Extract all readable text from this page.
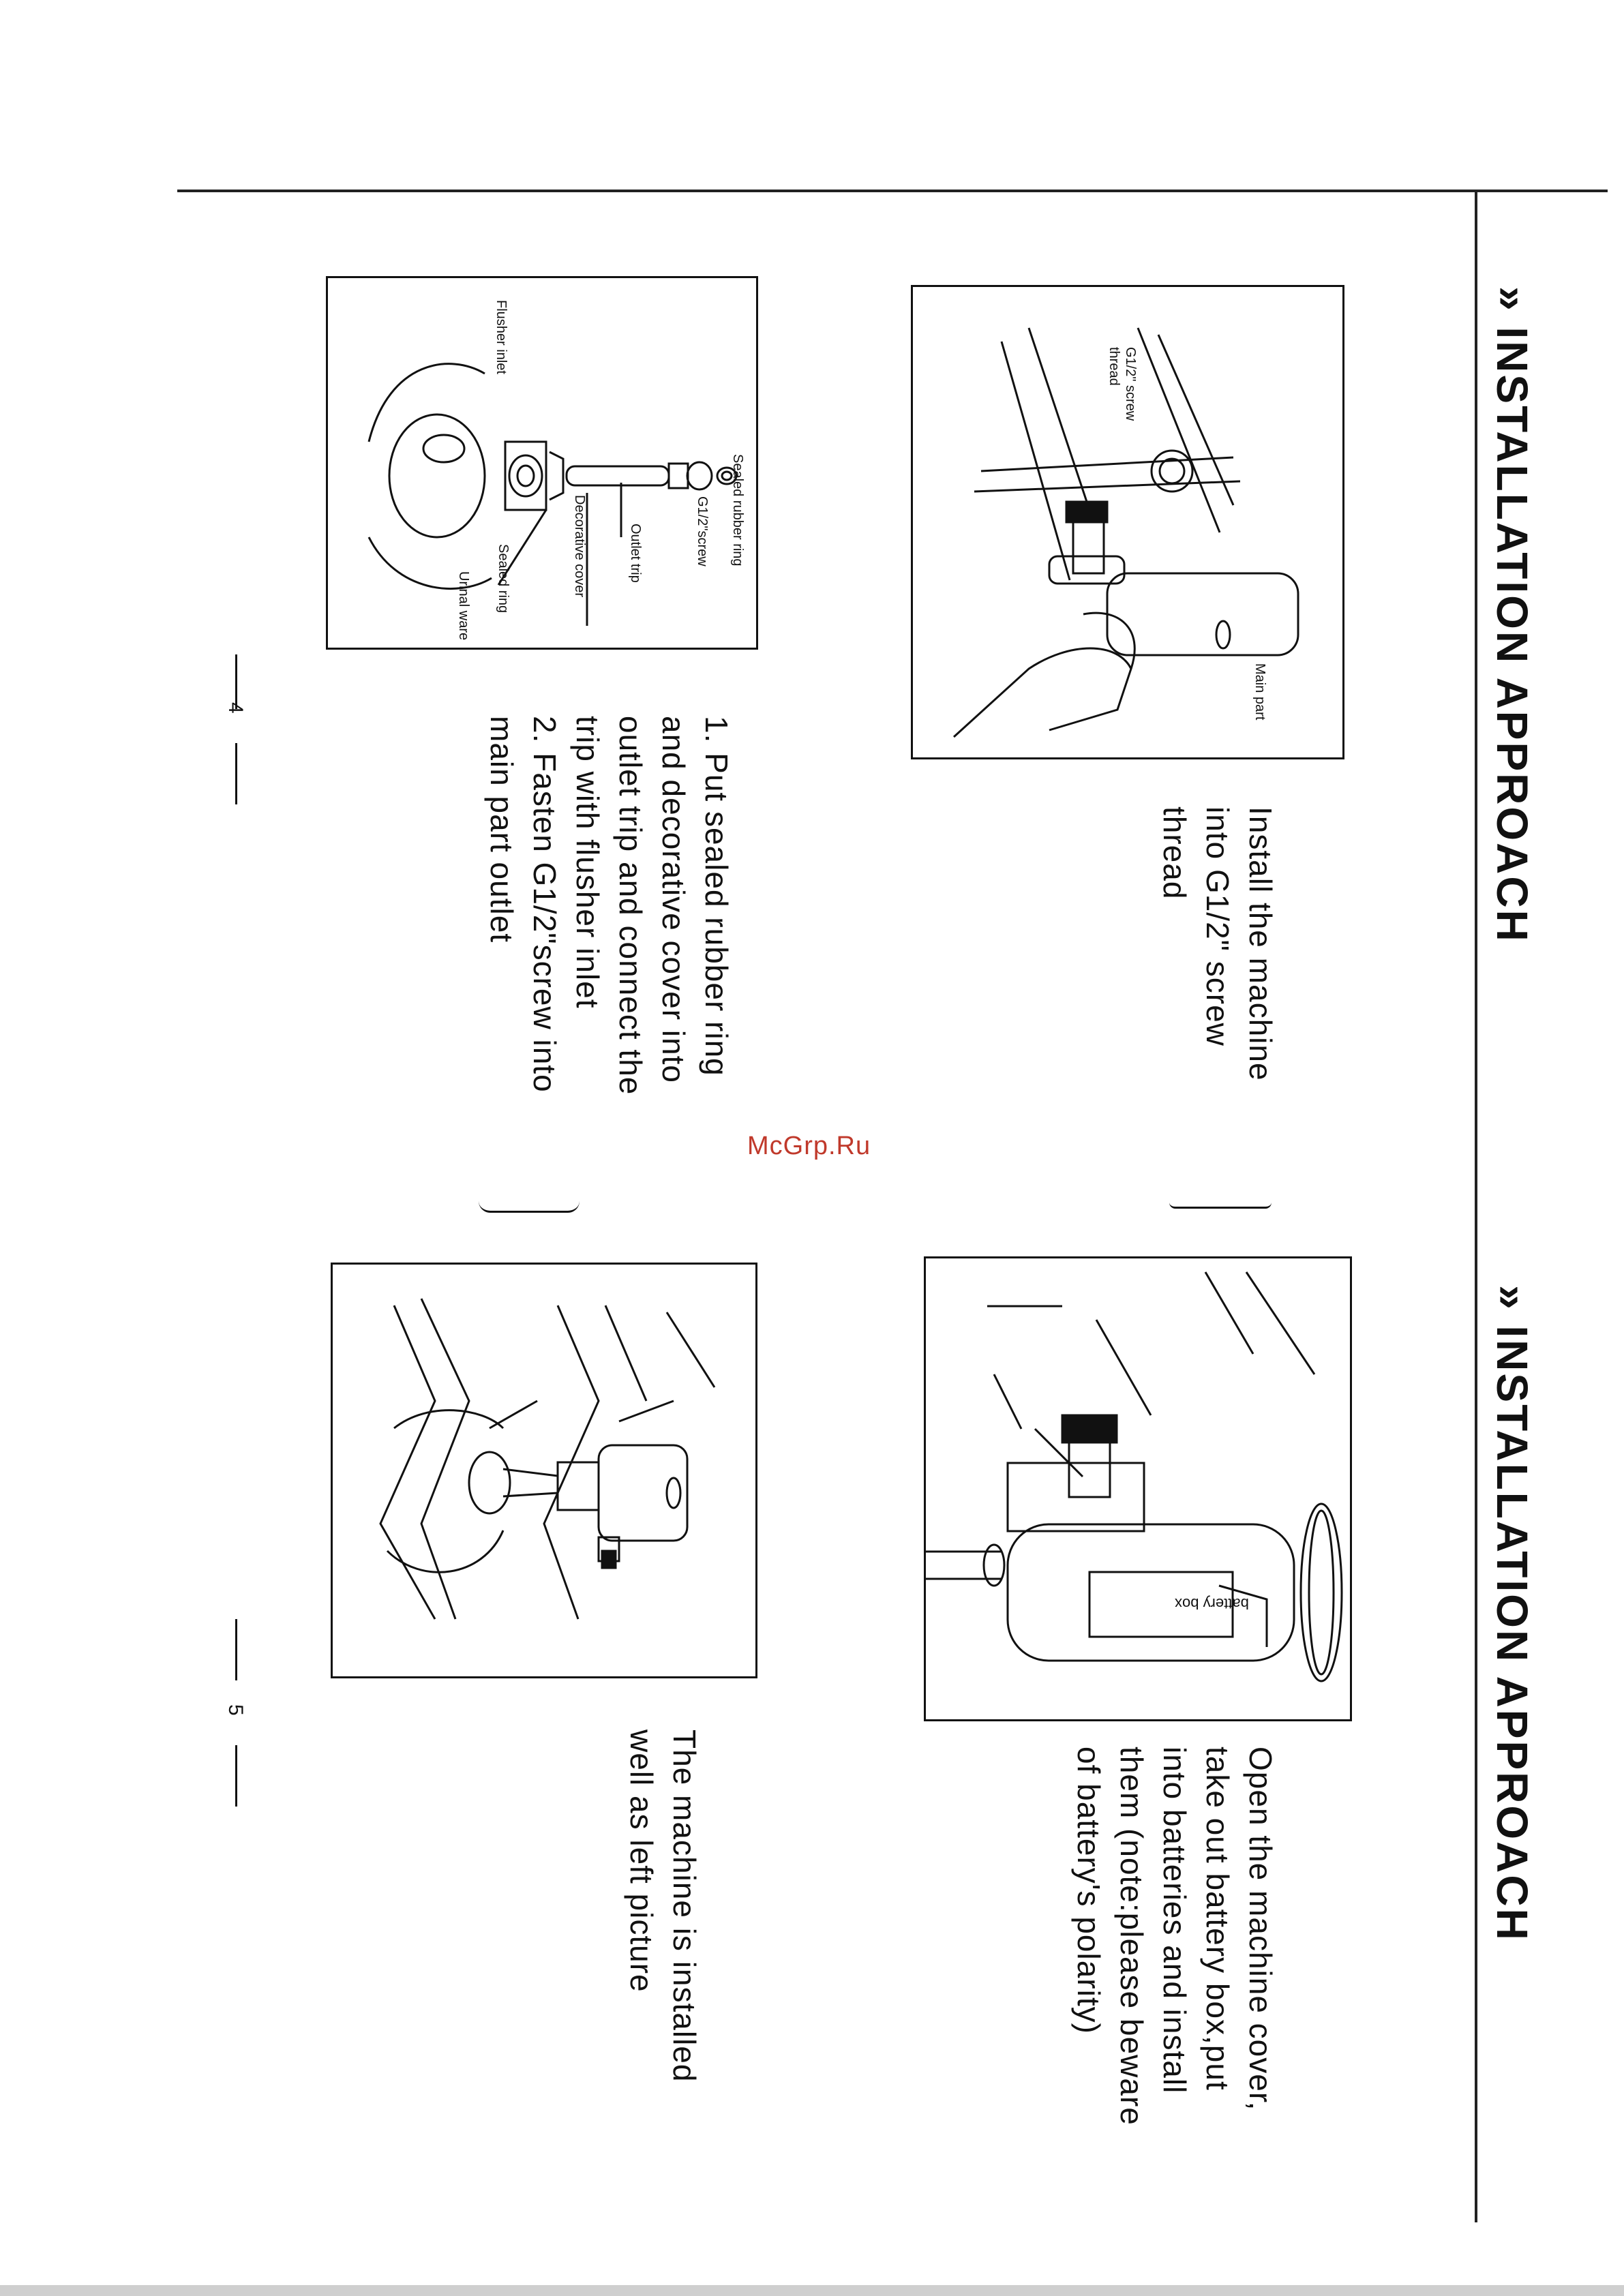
» INSTALLATION APPROACH
» INSTALLATION APPROACH
G1/2" screw
thread
Main part
Install the machine
into G1/2" screw
thread
Sealed rubber ring
G1/2"screw
Outlet trip
Decorative cover
Sealed ring
Urinal ware
Flusher inlet
1. Put sealed rubber ring
and decorative cover into
outlet trip and connect the
trip with flusher inlet
2. Fasten G1/2"screw into
main part outlet
McGrp.Ru
4
battery box
Open the machine cover,
take out battery box,put
into batteries and install
them (note:please beware
of battery's polarity)
The machine is installed
well as left picture
5
